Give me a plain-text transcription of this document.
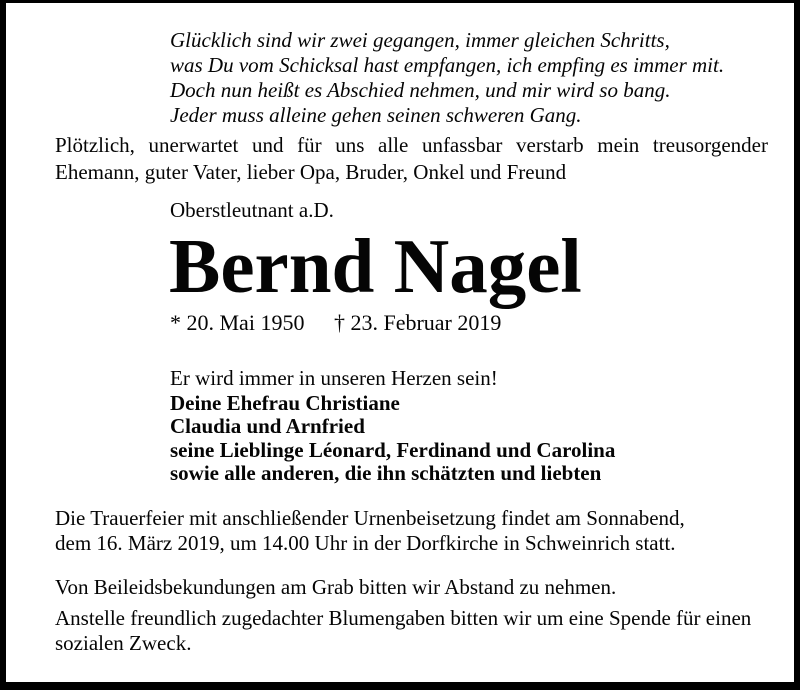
Glücklich sind wir zwei gegangen, immer gleichen Schritts,
was Du vom Schicksal hast empfangen, ich empfing es immer mit.
Doch nun heißt es Abschied nehmen, und mir wird so bang.
Jeder muss alleine gehen seinen schweren Gang.
Plötzlich, unerwartet und für uns alle unfassbar verstarb mein treusorgender
Ehemann, guter Vater, lieber Opa, Bruder, Onkel und Freund
Oberstleutnant a.D.
Bernd Nagel
* 20. Mai 1950 † 23. Februar 2019
Er wird immer in unseren Herzen sein!
Deine Ehefrau Christiane
Claudia und Arnfried
seine Lieblinge Léonard, Ferdinand und Carolina
sowie alle anderen, die ihn schätzten und liebten
Die Trauerfeier mit anschließender Urnenbeisetzung findet am Sonnabend,
dem 16. März 2019, um 14.00 Uhr in der Dorfkirche in Schweinrich statt.
Von Beileidsbekundungen am Grab bitten wir Abstand zu nehmen.
Anstelle freundlich zugedachter Blumengaben bitten wir um eine Spende für einen
sozialen Zweck.
